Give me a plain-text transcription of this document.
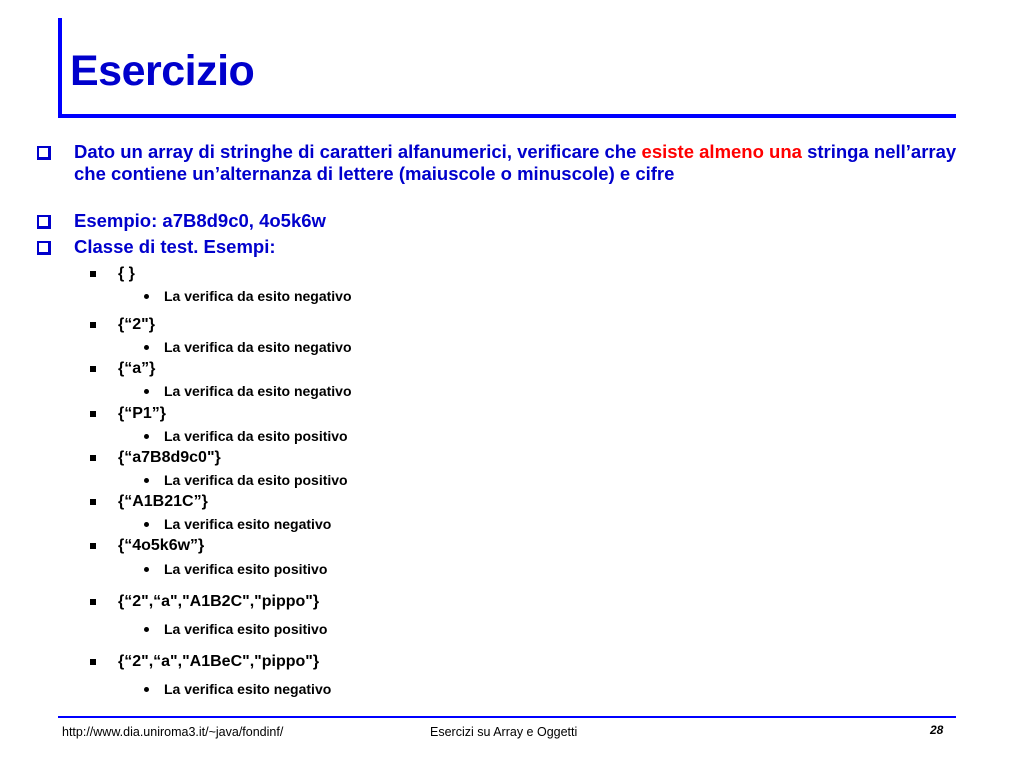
Esercizio

Dato un array di stringhe di caratteri alfanumerici, verificare che esiste almeno una stringa nell’array che contiene un’alternanza di lettere (maiuscole o minuscole) e cifre

Esempio: a7B8d9c0, 4o5k6w

Classe di test. Esempi:

{ }

La verifica da esito negativo

{“2"}

La verifica da esito negativo

{“a”}

La verifica da esito negativo

{“P1”}

La verifica da esito positivo

{“a7B8d9c0"}

La verifica da esito positivo

{“A1B21C”}

La verifica esito negativo

{“4o5k6w”}

La verifica esito positivo

{“2",“a","A1B2C","pippo"}

La verifica esito positivo

{“2",“a","A1BeC","pippo"}

La verifica esito negativo

http://www.dia.uniroma3.it/~java/fondinf/	Esercizi su Array e Oggetti	28
